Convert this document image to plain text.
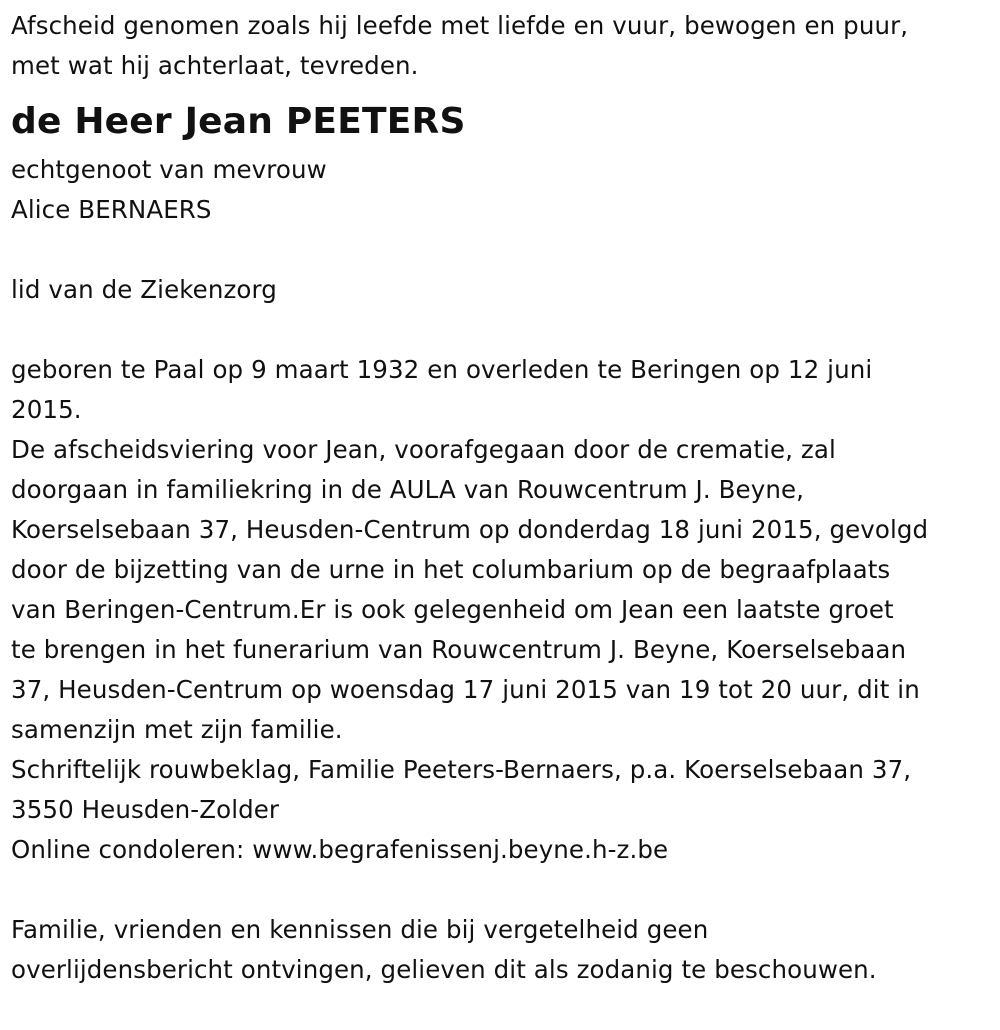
Afscheid genomen zoals hij leefde met liefde en vuur, bewogen en puur,
met wat hij achterlaat, tevreden.
de Heer Jean PEETERS
echtgenoot van mevrouw
Alice BERNAERS
lid van de Ziekenzorg
geboren te Paal op 9 maart 1932 en overleden te Beringen op 12 juni
2015.
De afscheidsviering voor Jean, voorafgegaan door de crematie, zal
doorgaan in familiekring in de AULA van Rouwcentrum J. Beyne,
Koerselsebaan 37, Heusden-Centrum op donderdag 18 juni 2015, gevolgd
door de bijzetting van de urne in het columbarium op de begraafplaats
van Beringen-Centrum.Er is ook gelegenheid om Jean een laatste groet
te brengen in het funerarium van Rouwcentrum J. Beyne, Koerselsebaan
37, Heusden-Centrum op woensdag 17 juni 2015 van 19 tot 20 uur, dit in
samenzijn met zijn familie.
Schriftelijk rouwbeklag, Familie Peeters-Bernaers, p.a. Koerselsebaan 37,
3550 Heusden-Zolder
Online condoleren: www.begrafenissenj.beyne.h-z.be
Familie, vrienden en kennissen die bij vergetelheid geen
overlijdensbericht ontvingen, gelieven dit als zodanig te beschouwen.
